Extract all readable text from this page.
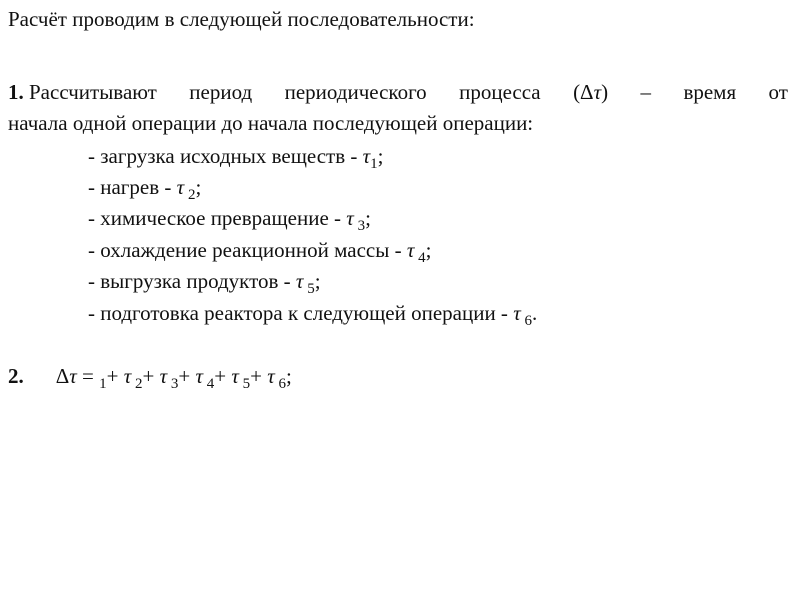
Расчёт проводим в следующей последовательности:
1. Рассчитывают период периодического процесса (Δτ) – время от
начала одной операции до начала последующей операции:
- загрузка исходных веществ - $\tau_1$;
- нагрев - τ $_2$;
- химическое превращение - τ $_3$;
- охлаждение реакционной массы - τ $_4$;
- выгрузка продуктов - τ $_5$;
- подготовка реактора к следующей операции - τ $_6$.
2. Δτ = $_1$+ τ $_2$+ τ $_3$+ τ $_4$+ τ $_5$+ τ $_6$;
